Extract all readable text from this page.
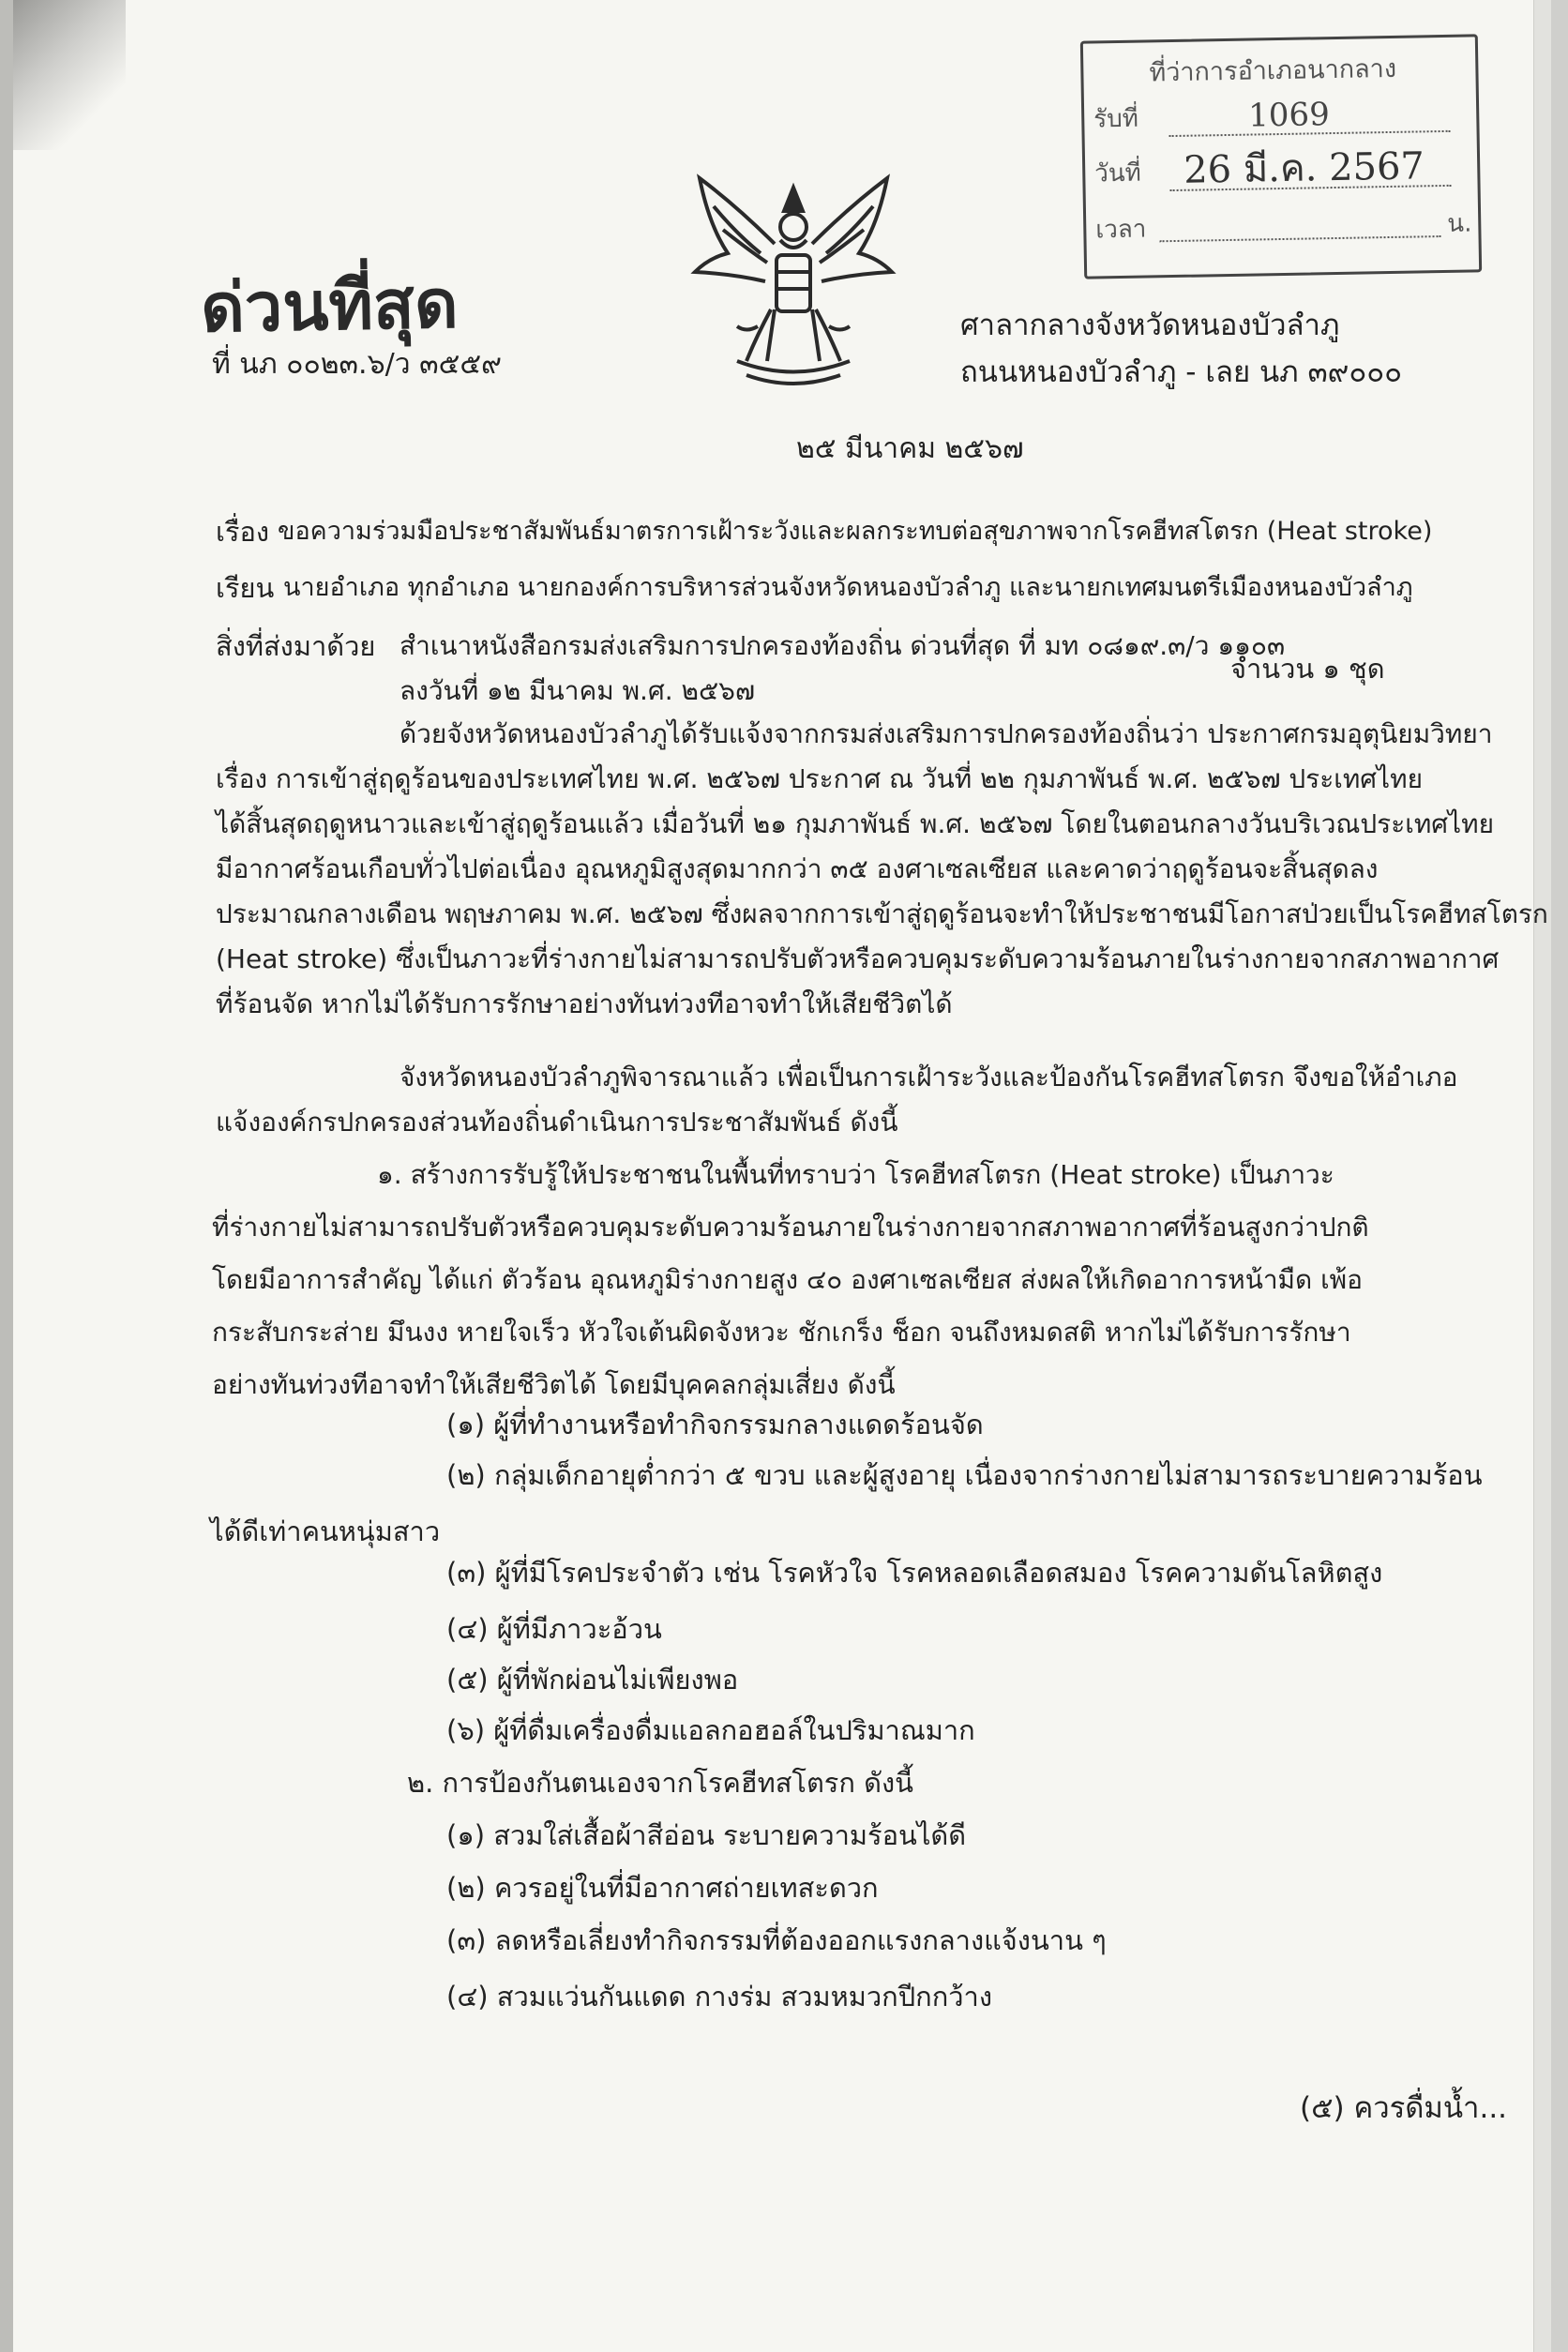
ที่ว่าการอำเภอนากลาง
รับที่	1069
วันที่ 26 มี.ค. 2567
เวลา	น.
ด่วนที่สุด
ที่ นภ ๐๐๒๓.๖/ว ๓๕๕๙
ศาลากลางจังหวัดหนองบัวลำภู
ถนนหนองบัวลำภู - เลย นภ ๓๙๐๐๐
๒๕ มีนาคม ๒๕๖๗
เรื่อง ขอความร่วมมือประชาสัมพันธ์มาตรการเฝ้าระวังและผลกระทบต่อสุขภาพจากโรคฮีทสโตรก (Heat stroke)
เรียน นายอำเภอ ทุกอำเภอ นายกองค์การบริหารส่วนจังหวัดหนองบัวลำภู และนายกเทศมนตรีเมืองหนองบัวลำภู
สิ่งที่ส่งมาด้วย สำเนาหนังสือกรมส่งเสริมการปกครองท้องถิ่น ด่วนที่สุด ที่ มท ๐๘๑๙.๓/ว ๑๑๐๓
จำนวน ๑ ชุด
ลงวันที่ ๑๒ มีนาคม พ.ศ. ๒๕๖๗
ด้วยจังหวัดหนองบัวลำภูได้รับแจ้งจากกรมส่งเสริมการปกครองท้องถิ่นว่า ประกาศกรมอุตุนิยมวิทยา
เรื่อง การเข้าสู่ฤดูร้อนของประเทศไทย พ.ศ. ๒๕๖๗ ประกาศ ณ วันที่ ๒๒ กุมภาพันธ์ พ.ศ. ๒๕๖๗ ประเทศไทย
ได้สิ้นสุดฤดูหนาวและเข้าสู่ฤดูร้อนแล้ว เมื่อวันที่ ๒๑ กุมภาพันธ์ พ.ศ. ๒๕๖๗ โดยในตอนกลางวันบริเวณประเทศไทย
มีอากาศร้อนเกือบทั่วไปต่อเนื่อง อุณหภูมิสูงสุดมากกว่า ๓๕ องศาเซลเซียส และคาดว่าฤดูร้อนจะสิ้นสุดลง
ประมาณกลางเดือน พฤษภาคม พ.ศ. ๒๕๖๗ ซึ่งผลจากการเข้าสู่ฤดูร้อนจะทำให้ประชาชนมีโอกาสป่วยเป็นโรคฮีทสโตรก
(Heat stroke) ซึ่งเป็นภาวะที่ร่างกายไม่สามารถปรับตัวหรือควบคุมระดับความร้อนภายในร่างกายจากสภาพอากาศ
ที่ร้อนจัด หากไม่ได้รับการรักษาอย่างทันท่วงทีอาจทำให้เสียชีวิตได้
จังหวัดหนองบัวลำภูพิจารณาแล้ว เพื่อเป็นการเฝ้าระวังและป้องกันโรคฮีทสโตรก จึงขอให้อำเภอ
แจ้งองค์กรปกครองส่วนท้องถิ่นดำเนินการประชาสัมพันธ์ ดังนี้
๑. สร้างการรับรู้ให้ประชาชนในพื้นที่ทราบว่า โรคฮีทสโตรก (Heat stroke) เป็นภาวะ
ที่ร่างกายไม่สามารถปรับตัวหรือควบคุมระดับความร้อนภายในร่างกายจากสภาพอากาศที่ร้อนสูงกว่าปกติ
โดยมีอาการสำคัญ ได้แก่ ตัวร้อน อุณหภูมิร่างกายสูง ๔๐ องศาเซลเซียส ส่งผลให้เกิดอาการหน้ามืด เพ้อ
กระสับกระส่าย มึนงง หายใจเร็ว หัวใจเต้นผิดจังหวะ ชักเกร็ง ช็อก จนถึงหมดสติ หากไม่ได้รับการรักษา
อย่างทันท่วงทีอาจทำให้เสียชีวิตได้ โดยมีบุคคลกลุ่มเสี่ยง ดังนี้
(๑) ผู้ที่ทำงานหรือทำกิจกรรมกลางแดดร้อนจัด
(๒) กลุ่มเด็กอายุต่ำกว่า ๕ ขวบ และผู้สูงอายุ เนื่องจากร่างกายไม่สามารถระบายความร้อน
ได้ดีเท่าคนหนุ่มสาว
(๓) ผู้ที่มีโรคประจำตัว เช่น โรคหัวใจ โรคหลอดเลือดสมอง โรคความดันโลหิตสูง
(๔) ผู้ที่มีภาวะอ้วน
(๕) ผู้ที่พักผ่อนไม่เพียงพอ
(๖) ผู้ที่ดื่มเครื่องดื่มแอลกอฮอล์ในปริมาณมาก
๒. การป้องกันตนเองจากโรคฮีทสโตรก ดังนี้
(๑) สวมใส่เสื้อผ้าสีอ่อน ระบายความร้อนได้ดี
(๒) ควรอยู่ในที่มีอากาศถ่ายเทสะดวก
(๓) ลดหรือเลี่ยงทำกิจกรรมที่ต้องออกแรงกลางแจ้งนาน ๆ
(๔) สวมแว่นกันแดด กางร่ม สวมหมวกปีกกว้าง
(๕) ควรดื่มน้ำ...
